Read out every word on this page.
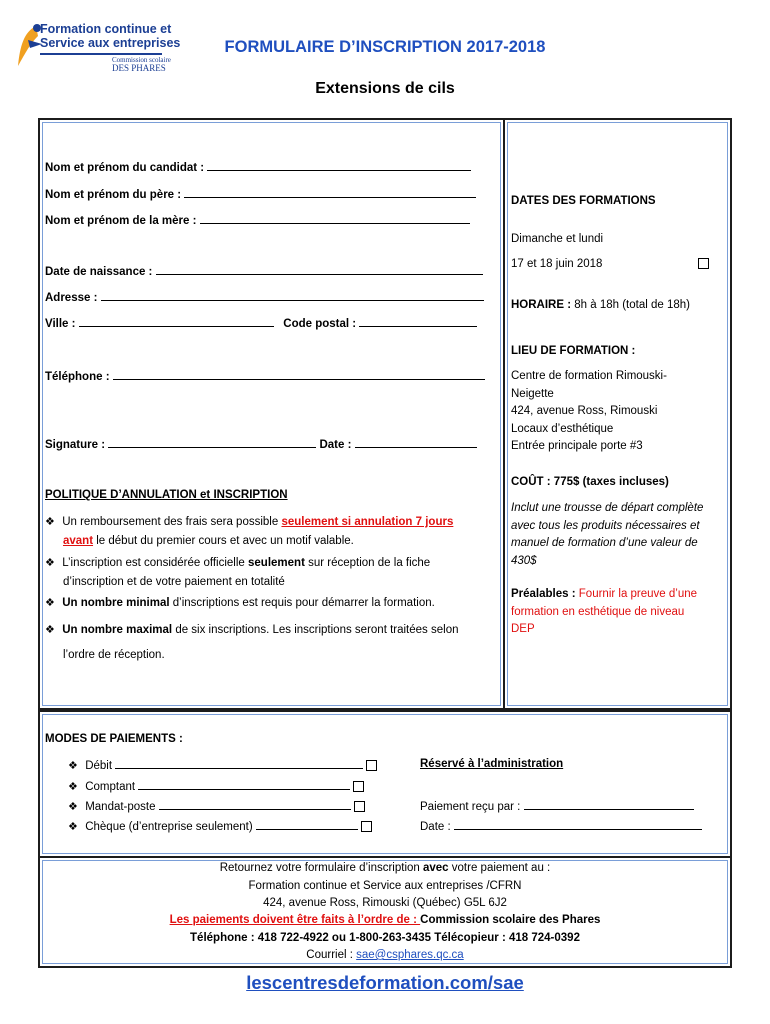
Formation continue et
Service aux entreprises
Commission scolaire
DES PHARES
FORMULAIRE D’INSCRIPTION 2017-2018
Extensions de cils
Nom et prénom du candidat :
Nom et prénom du père :
Nom et prénom de la mère :
Date de naissance :
Adresse :
Ville :	Code postal :
Téléphone :
Signature :	Date :
POLITIQUE D’ANNULATION et INSCRIPTION
❖ Un remboursement des frais sera possible seulement si annulation 7 jours
avant le début du premier cours et avec un motif valable.
❖ L’inscription est considérée officielle seulement sur réception de la fiche
d’inscription et de votre paiement en totalité
❖ Un nombre minimal d’inscriptions est requis pour démarrer la formation.
❖ Un nombre maximal de six inscriptions. Les inscriptions seront traitées selon
l’ordre de réception.
DATES DES FORMATIONS
Dimanche et lundi
17 et 18 juin 2018
HORAIRE : 8h à 18h (total de 18h)
LIEU DE FORMATION :
Centre de formation Rimouski-
Neigette
424, avenue Ross, Rimouski
Locaux d’esthétique
Entrée principale porte #3
COÛT : 775$ (taxes incluses)
Inclut une trousse de départ complète
avec tous les produits nécessaires et
manuel de formation d’une valeur de
430$
Préalables : Fournir la preuve d’une
formation en esthétique de niveau
DEP
MODES DE PAIEMENTS :
❖ Débit
❖ Comptant
❖ Mandat-poste
❖ Chèque (d’entreprise seulement)
Réservé à l’administration
Paiement reçu par :
Date :
Retournez votre formulaire d’inscription avec votre paiement au :
Formation continue et Service aux entreprises /CFRN
424, avenue Ross, Rimouski (Québec) G5L 6J2
Les paiements doivent être faits à l’ordre de : Commission scolaire des Phares
Téléphone : 418 722-4922 ou 1-800-263-3435 Télécopieur : 418 724-0392
Courriel : sae@csphares.qc.ca
lescentresdeformation.com/sae
